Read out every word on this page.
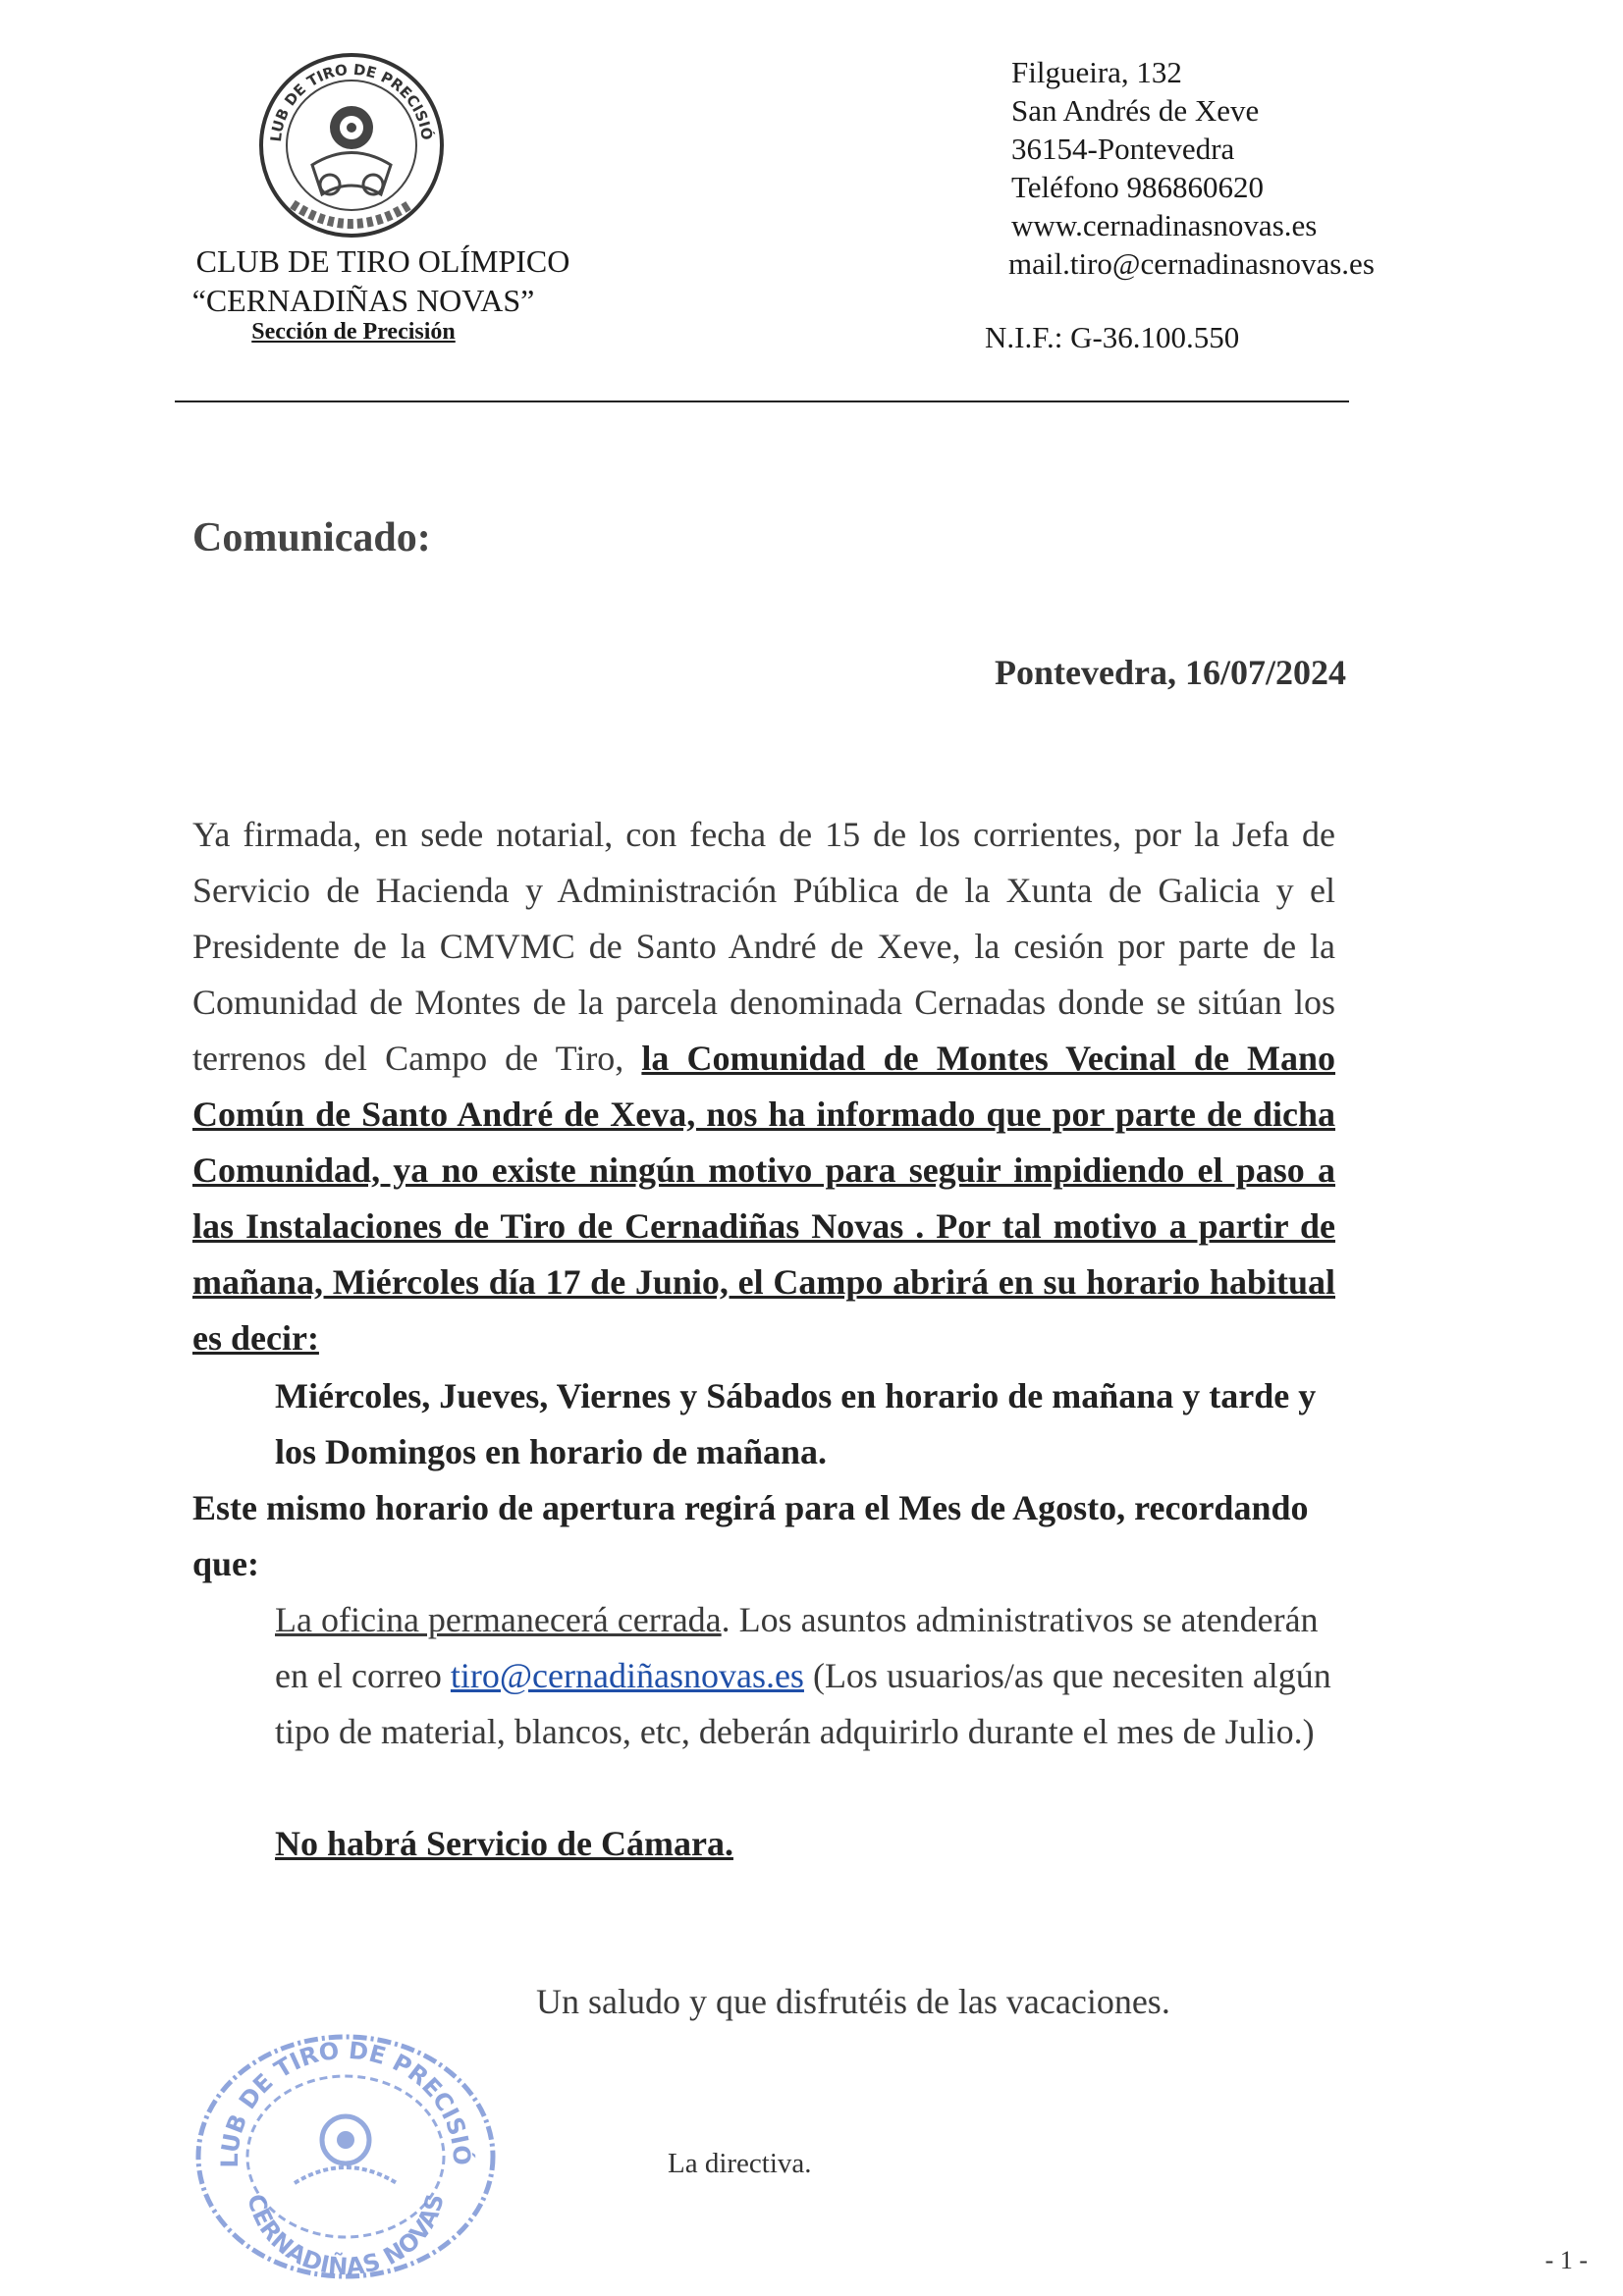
LUB DE TIRO DE PRECISIÓ
CLUB DE TIRO OLÍMPICO
“CERNADIÑAS NOVAS”
Sección de Precisión
Filgueira, 132
San Andrés de Xeve
36154-Pontevedra
Teléfono 986860620
www.cernadinasnovas.es
mail.tiro@cernadinasnovas.es
N.I.F.: G-36.100.550
Comunicado:
Pontevedra, 16/07/2024
Ya firmada, en sede notarial, con fecha de 15 de los corrientes, por la Jefa de Servicio de Hacienda y Administración Pública de la Xunta de Galicia y el Presidente de la CMVMC de Santo André de Xeve, la cesión por parte de la Comunidad de Montes de la parcela denominada Cernadas donde se sitúan los terrenos del Campo de Tiro, la Comunidad de Montes Vecinal de Mano Común de Santo André de Xeva, nos ha informado que por parte de dicha Comunidad, ya no existe ningún motivo para seguir impidiendo el paso a las Instalaciones de Tiro de Cernadiñas Novas . Por tal motivo a partir de mañana, Miércoles día 17 de Junio, el Campo abrirá en su horario habitual es decir:
Miércoles, Jueves, Viernes y Sábados en horario de mañana y tarde y los Domingos en horario de mañana.
Este mismo horario de apertura regirá para el Mes de Agosto, recordando que:
La oficina permanecerá cerrada. Los asuntos administrativos se atenderán en el correo tiro@cernadiñasnovas.es (Los usuarios/as que necesiten algún tipo de material, blancos, etc, deberán adquirirlo durante el mes de Julio.)
No habrá Servicio de Cámara.
Un saludo y que disfrutéis de las vacaciones.
LUB DE TIRO DE PRECISIÓ
CERNADIÑAS NOVAS
La directiva.
- 1 -
